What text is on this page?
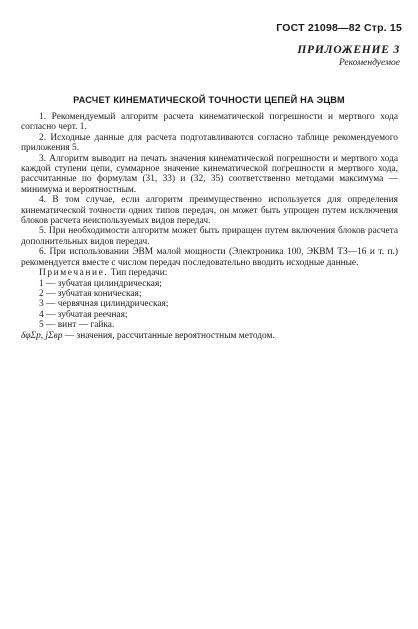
ГОСТ 21098—82 Стр. 15
ПРИЛОЖЕНИЕ 3
Рекомендуемое
РАСЧЕТ КИНЕМАТИЧЕСКОЙ ТОЧНОСТИ ЦЕПЕЙ НА ЭЦВМ

1. Рекомендуемый алгоритм расчета кинематической погрешности и мертвого хода согласно черт. 1.

2. Исходные данные для расчета подготавливаются согласно таблице рекомендуемого приложения 5.

3. Алгоритм выводит на печать значения кинематической погрешности и мертвого хода каждой ступени цепи, суммарное значение кинематической погрешности и мертвого хода, рассчитанные по формулам (31, 33) и (32, 35) соответственно методами максимума — минимума и вероятностным.

4. В том случае, если алгоритм преимущественно используется для определения кинематической точности одних типов передач, он может быть упрощен путем исключения блоков расчета неиспользуемых видов передач.

5. При необходимости алгоритм может быть приращен путем включения блоков расчета дополнительных видов передач.

6. При использовании ЭВМ малой мощности (Электроника 100, ЭКВМ ТЗ—16 и т. п.) рекомендуется вместе с числом передач последовательно вводить исходные данные.

Примечание. Тип передачи:
1 — зубчатая цилиндрическая;
2 — зубчатая коническая;
3 — червячная цилиндрическая;
4 — зубчатая реечная;
5 — винт — гайка.
δφΣр, jΣвр — значения, рассчитанные вероятностным методом.
